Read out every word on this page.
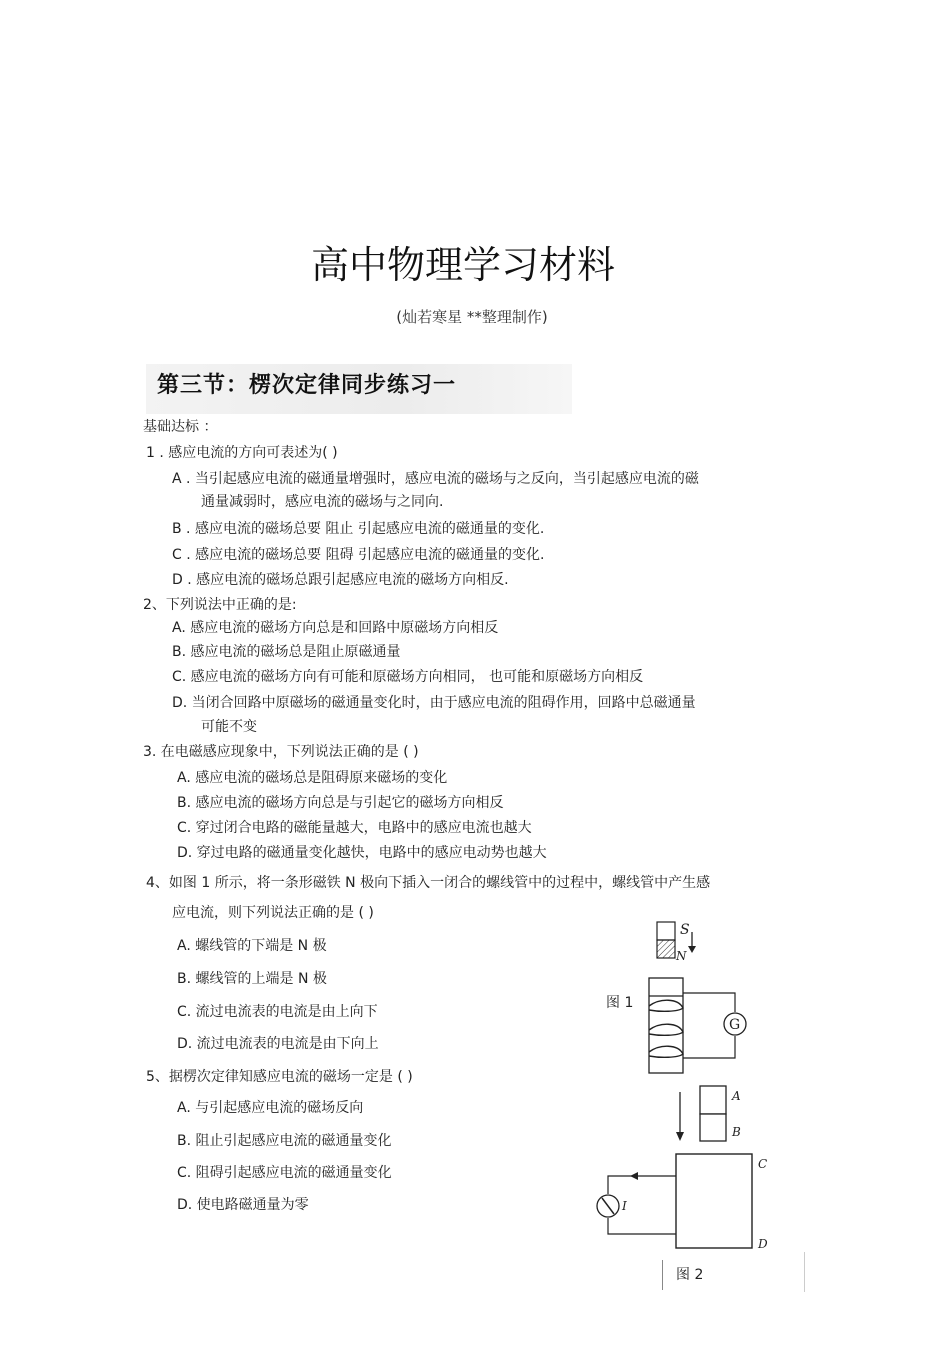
高中物理学习材料
(灿若寒星 **整理制作)
第三节：楞次定律同步练习一
基础达标 ：
1 . 感应电流的方向可表述为( )
A . 当引起感应电流的磁通量增强时，感应电流的磁场与之反向，当引起感应电流的磁
通量减弱时，感应电流的磁场与之同向.
B . 感应电流的磁场总要 阻止 引起感应电流的磁通量的变化.
C . 感应电流的磁场总要 阻碍 引起感应电流的磁通量的变化.
D . 感应电流的磁场总跟引起感应电流的磁场方向相反.
2、下列说法中正确的是:
A. 感应电流的磁场方向总是和回路中原磁场方向相反
B. 感应电流的磁场总是阻止原磁通量
C. 感应电流的磁场方向有可能和原磁场方向相同， 也可能和原磁场方向相反
D. 当闭合回路中原磁场的磁通量变化时，由于感应电流的阻碍作用，回路中总磁通量
可能不变
3. 在电磁感应现象中，下列说法正确的是 ( )
A. 感应电流的磁场总是阻碍原来磁场的变化
B. 感应电流的磁场方向总是与引起它的磁场方向相反
C. 穿过闭合电路的磁能量越大，电路中的感应电流也越大
D. 穿过电路的磁通量变化越快，电路中的感应电动势也越大
4、如图 1 所示，将一条形磁铁 N 极向下插入一闭合的螺线管中的过程中，螺线管中产生感
应电流，则下列说法正确的是 ( )
A. 螺线管的下端是 N 极
B. 螺线管的上端是 N 极
C. 流过电流表的电流是由上向下
D. 流过电流表的电流是由下向上
5、据楞次定律知感应电流的磁场一定是 ( )
A. 与引起感应电流的磁场反向
B. 阻止引起感应电流的磁通量变化
C. 阻碍引起感应电流的磁通量变化
D. 使电路磁通量为零
图 1
S
N
G
A
B
C
D
I
图 2
